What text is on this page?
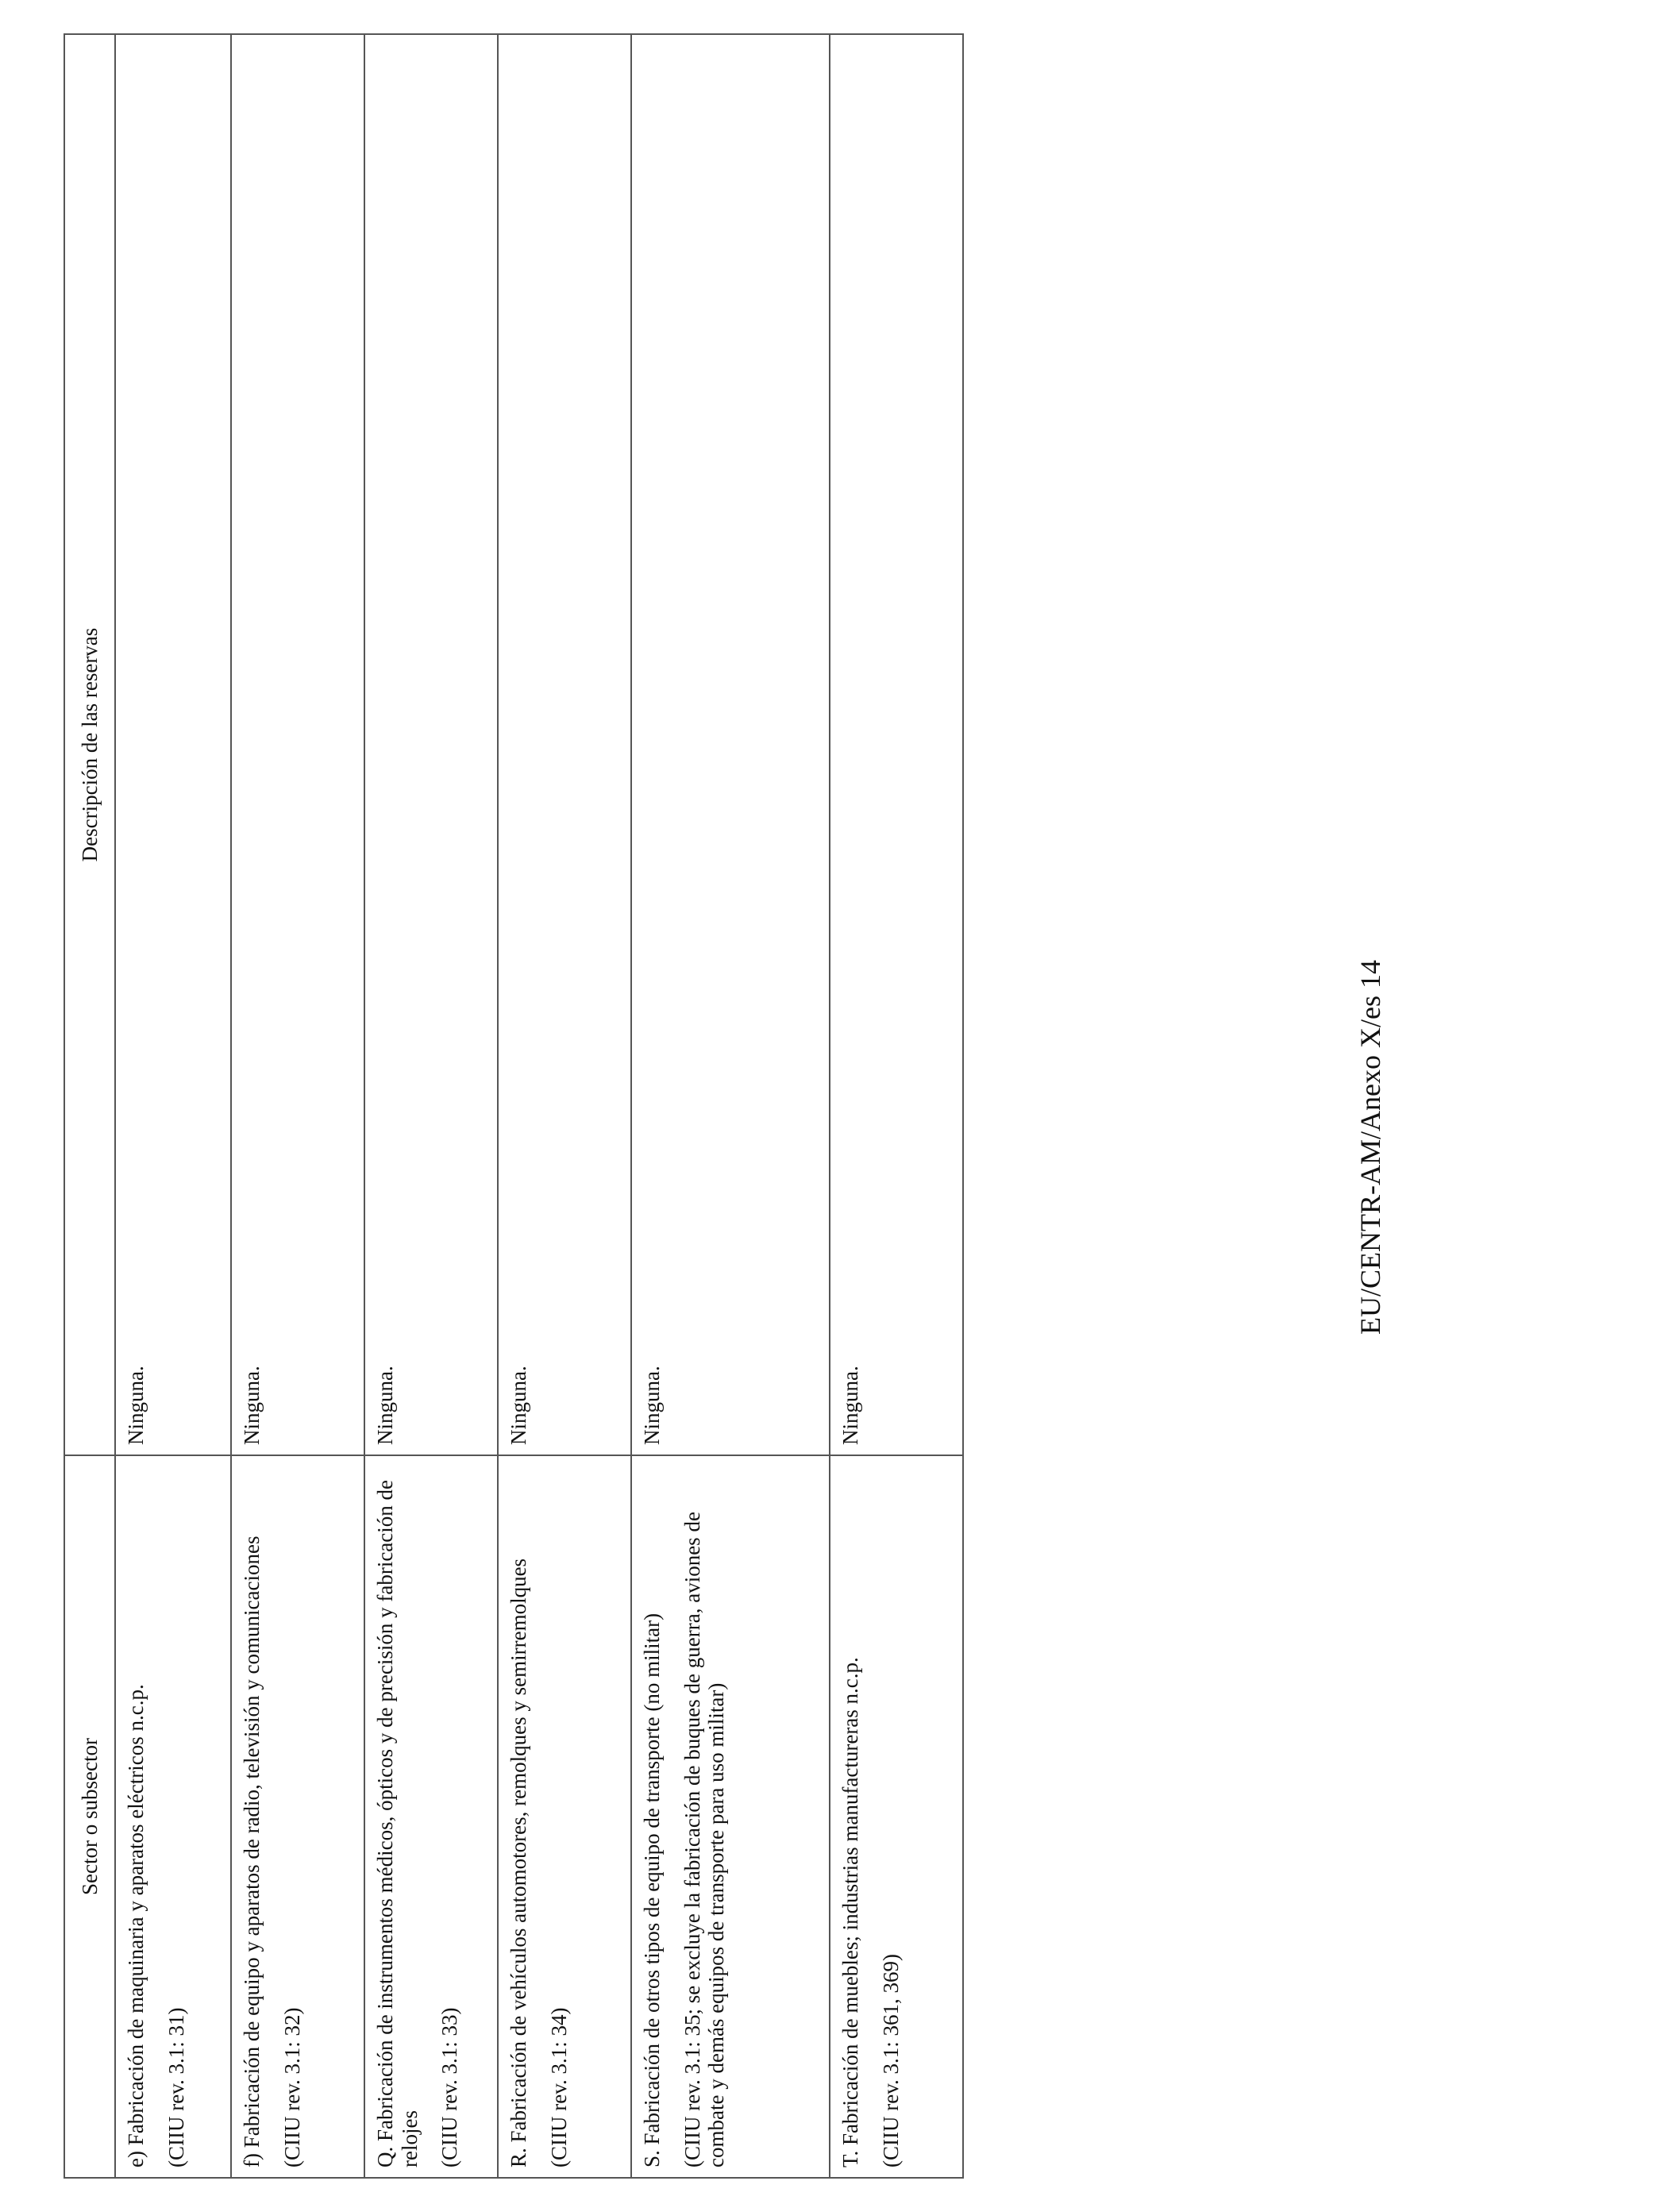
Sector o subsector	Descripción de las reservas

e) Fabricación de maquinaria y aparatos eléctricos n.c.p. (CIIU rev. 3.1: 31)	Ninguna.

f) Fabricación de equipo y aparatos de radio, televisión y comunicaciones (CIIU rev. 3.1: 32)	Ninguna.

Q. Fabricación de instrumentos médicos, ópticos y de precisión y fabricación de relojes (CIIU rev. 3.1: 33)	Ninguna.

R. Fabricación de vehículos automotores, remolques y semirremolques (CIIU rev. 3.1: 34)	Ninguna.

S. Fabricación de otros tipos de equipo de transporte (no militar) (CIIU rev. 3.1: 35; se excluye la fabricación de buques de guerra, aviones de combate y demás equipos de transporte para uso militar)	Ninguna.

T. Fabricación de muebles; industrias manufactureras n.c.p. (CIIU rev. 3.1: 361, 369)	Ninguna.
EU/CENTR-AM/Anexo X/es 14
